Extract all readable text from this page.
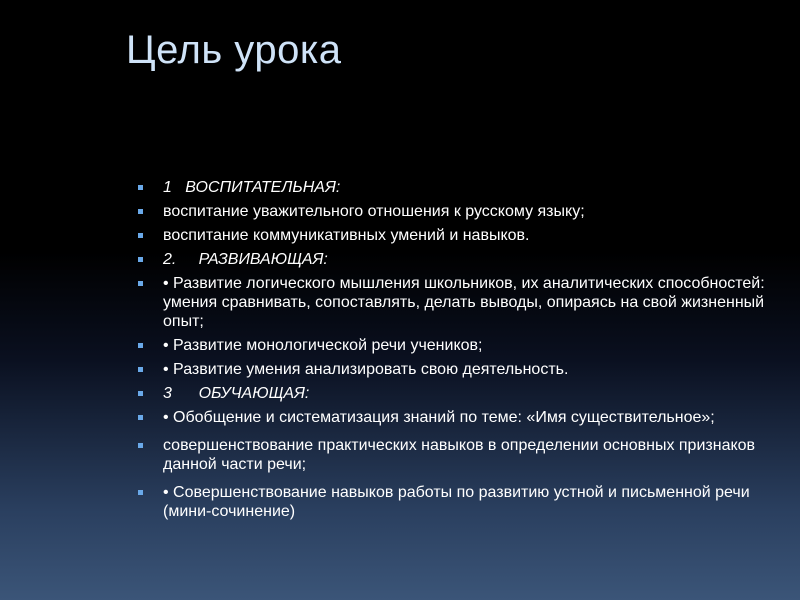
Цель урока
1   ВОСПИТАТЕЛЬНАЯ:
воспитание уважительного отношения к русскому языку;
воспитание коммуникативных умений и навыков.
2.     РАЗВИВАЮЩАЯ:
• Развитие логического мышления школьников, их аналитических способностей: умения сравнивать, сопоставлять, делать выводы, опираясь на свой жизненный опыт;
• Развитие монологической речи учеников;
• Развитие умения анализировать свою деятельность.
3      ОБУЧАЮЩАЯ:
• Обобщение и систематизация знаний по теме: «Имя существительное»;
совершенствование практических навыков в определении основных признаков данной части речи;
• Совершенствование навыков работы по развитию устной и письменной речи (мини-сочинение)
